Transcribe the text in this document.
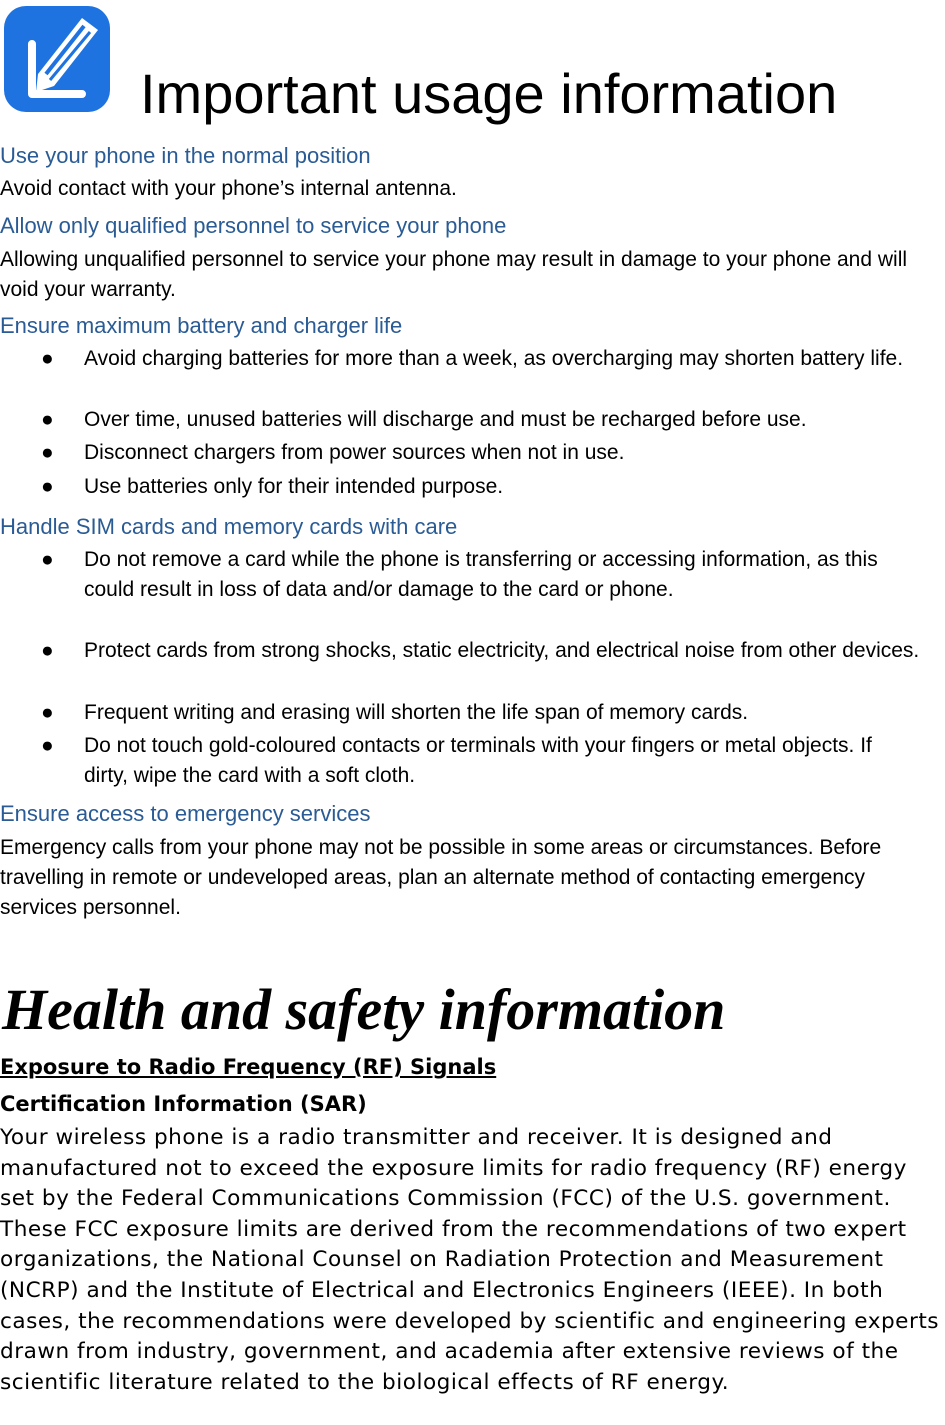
Important usage information
Use your phone in the normal position

Avoid contact with your phone’s internal antenna.

Allow only qualified personnel to service your phone

Allowing unqualified personnel to service your phone may result in damage to your phone and will void your warranty.

Ensure maximum battery and charger life
● Avoid charging batteries for more than a week, as overcharging may shorten battery life.

● Over time, unused batteries will discharge and must be recharged before use.

● Disconnect chargers from power sources when not in use.

● Use batteries only for their intended purpose.

Handle SIM cards and memory cards with care
● Do not remove a card while the phone is transferring or accessing information, as this could result in loss of data and/or damage to the card or phone.

● Protect cards from strong shocks, static electricity, and electrical noise from other devices.

● Frequent writing and erasing will shorten the life span of memory cards.

● Do not touch gold-coloured contacts or terminals with your fingers or metal objects. If dirty, wipe the card with a soft cloth.

Ensure access to emergency services

Emergency calls from your phone may not be possible in some areas or circumstances. Before travelling in remote or undeveloped areas, plan an alternate method of contacting emergency services personnel.

Health and safety information
Exposure to Radio Frequency (RF) Signals
Certification Information (SAR)

Your wireless phone is a radio transmitter and receiver. It is designed and manufactured not to exceed the exposure limits for radio frequency (RF) energy set by the Federal Communications Commission (FCC) of the U.S. government. These FCC exposure limits are derived from the recommendations of two expert organizations, the National Counsel on Radiation Protection and Measurement (NCRP) and the Institute of Electrical and Electronics Engineers (IEEE). In both cases, the recommendations were developed by scientific and engineering experts drawn from industry, government, and academia after extensive reviews of the scientific literature related to the biological effects of RF energy.
